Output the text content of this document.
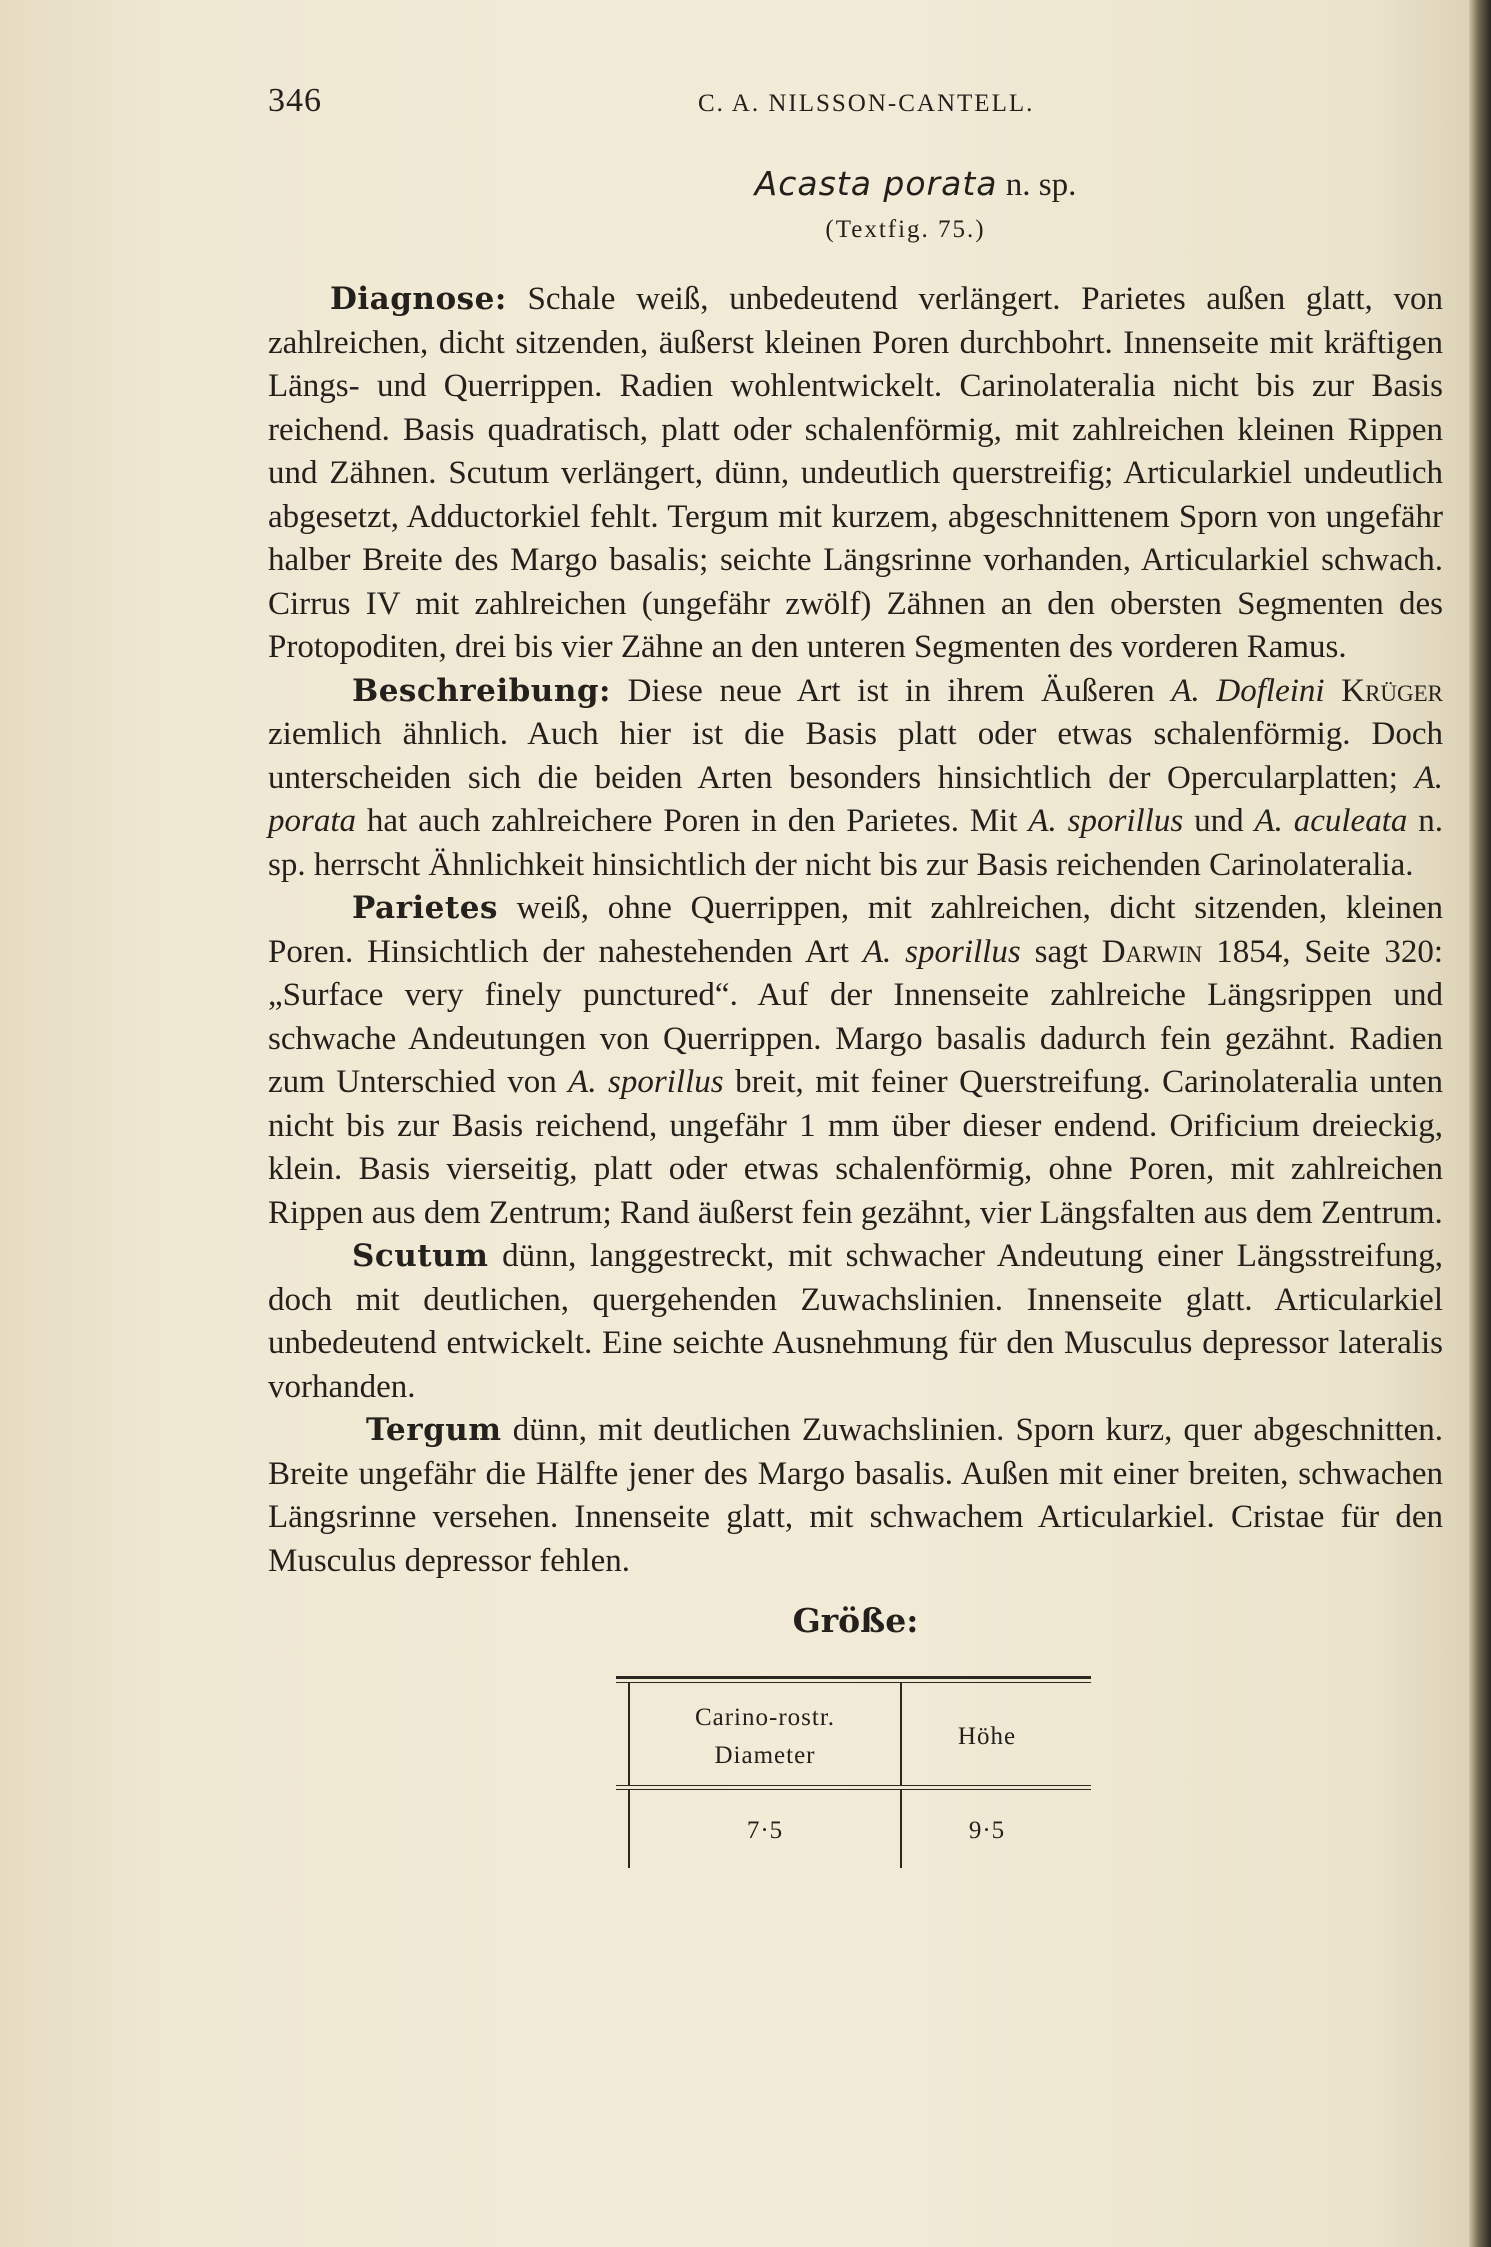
346	C. A. NILSSON-CANTELL.
Acasta porata n. sp.
(Textfig. 75.)

Diagnose: Schale weiß, unbedeutend verlängert. Parietes außen glatt, von zahlreichen, dicht sitzenden, äußerst kleinen Poren durchbohrt. Innenseite mit kräftigen Längs- und Querrippen. Radien wohlentwickelt. Carinolateralia nicht bis zur Basis reichend. Basis quadratisch, platt oder schalenförmig, mit zahlreichen kleinen Rippen und Zähnen. Scutum verlängert, dünn, undeutlich querstreifig; Articularkiel undeutlich abgesetzt, Adductorkiel fehlt. Tergum mit kurzem, abgeschnittenem Sporn von ungefähr halber Breite des Margo basalis; seichte Längsrinne vorhanden, Articularkiel schwach. Cirrus IV mit zahlreichen (ungefähr zwölf) Zähnen an den obersten Segmenten des Protopoditen, drei bis vier Zähne an den unteren Segmenten des vorderen Ramus.

Beschreibung: Diese neue Art ist in ihrem Äußeren A. Dofleini Krüger ziemlich ähnlich. Auch hier ist die Basis platt oder etwas schalenförmig. Doch unterscheiden sich die beiden Arten besonders hinsichtlich der Opercularplatten; A. porata hat auch zahlreichere Poren in den Parietes. Mit A. sporillus und A. aculeata n. sp. herrscht Ähnlichkeit hinsichtlich der nicht bis zur Basis reichenden Carinolateralia.

Parietes weiß, ohne Querrippen, mit zahlreichen, dicht sitzenden, kleinen Poren. Hinsichtlich der nahestehenden Art A. sporillus sagt Darwin 1854, Seite 320: „Surface very finely punctured“. Auf der Innenseite zahlreiche Längsrippen und schwache Andeutungen von Querrippen. Margo basalis dadurch fein gezähnt. Radien zum Unterschied von A. sporillus breit, mit feiner Querstreifung. Carinolateralia unten nicht bis zur Basis reichend, ungefähr 1 mm über dieser endend. Orificium dreieckig, klein. Basis vierseitig, platt oder etwas schalenförmig, ohne Poren, mit zahlreichen Rippen aus dem Zentrum; Rand äußerst fein gezähnt, vier Längsfalten aus dem Zentrum.

Scutum dünn, langgestreckt, mit schwacher Andeutung einer Längsstreifung, doch mit deutlichen, quergehenden Zuwachslinien. Innenseite glatt. Articularkiel unbedeutend entwickelt. Eine seichte Ausnehmung für den Musculus depressor lateralis vorhanden.

Tergum dünn, mit deutlichen Zuwachslinien. Sporn kurz, quer abgeschnitten. Breite ungefähr die Hälfte jener des Margo basalis. Außen mit einer breiten, schwachen Längsrinne versehen. Innenseite glatt, mit schwachem Articularkiel. Cristae für den Musculus depressor fehlen.

Größe:
Carino-rostr.
Diameter
Höhe
7·5	9·5
